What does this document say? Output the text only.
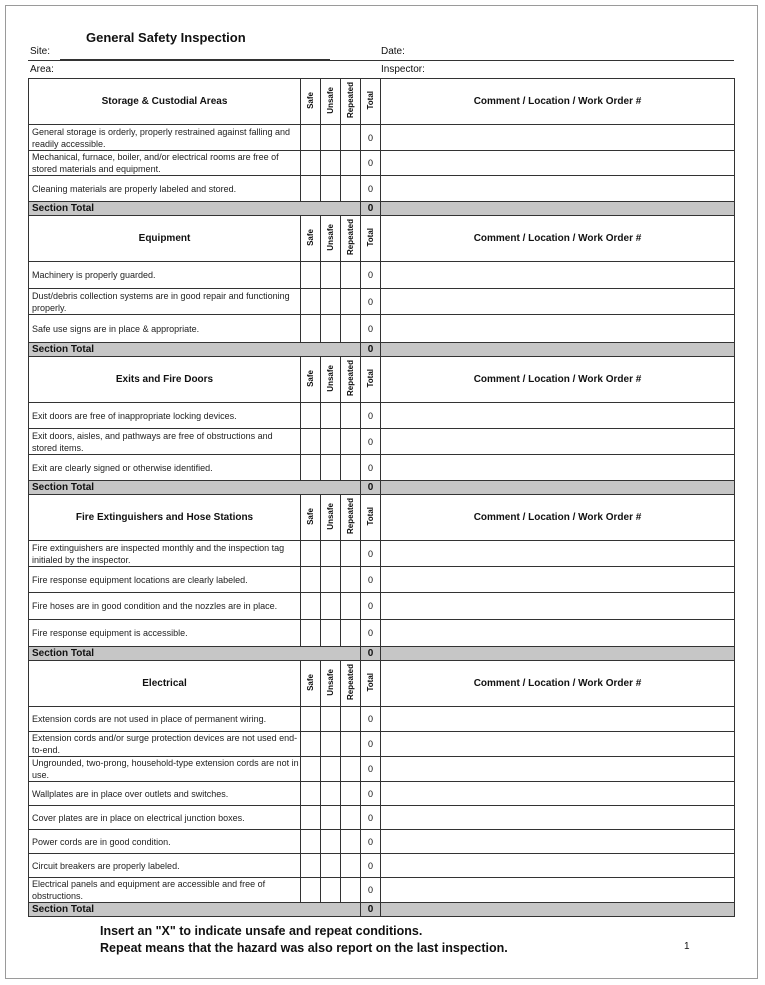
General Safety Inspection
Site:	Date:
Area:	Inspector:
Storage & Custodial Areas	Safe	Unsafe	Repeated	Total	Comment / Location / Work Order #
General storage is orderly, properly restrained against falling and readily accessible.				0	
Mechanical, furnace, boiler, and/or electrical rooms are free of stored materials and equipment.				0	
Cleaning materials are properly labeled and stored.				0	
Section Total				0	
Equipment	Safe	Unsafe	Repeated	Total	Comment / Location / Work Order #
Machinery is properly guarded.				0	
Dust/debris collection systems are in good repair and functioning properly.				0	
Safe use signs are in place & appropriate.				0	
Section Total				0	
Exits and Fire Doors	Safe	Unsafe	Repeated	Total	Comment / Location / Work Order #
Exit doors are free of inappropriate locking devices.				0	
Exit doors, aisles, and pathways are free of obstructions and stored items.				0	
Exit are clearly signed or otherwise identified.				0	
Section Total				0	
Fire Extinguishers and Hose Stations	Safe	Unsafe	Repeated	Total	Comment / Location / Work Order #
Fire extinguishers are inspected monthly and the inspection tag initialed by the inspector.				0	
Fire response equipment locations are clearly labeled.				0	
Fire hoses are in good condition and the nozzles are in place.				0	
Fire response equipment is accessible.				0	
Section Total				0	
Electrical	Safe	Unsafe	Repeated	Total	Comment / Location / Work Order #
Extension cords are not used in place of permanent wiring.				0	
Extension cords and/or surge protection devices are not used end-to-end.				0	
Ungrounded, two-prong, household-type extension cords are not in use.				0	
Wallplates are in place over outlets and switches.				0	
Cover plates are in place on electrical junction boxes.				0	
Power cords are in good condition.				0	
Circuit breakers are properly labeled.				0	
Electrical panels and equipment are accessible and free of obstructions.				0	
Section Total				0	
Insert an "X" to indicate unsafe and repeat conditions.
Repeat means that the hazard was also report on the last inspection.	1
